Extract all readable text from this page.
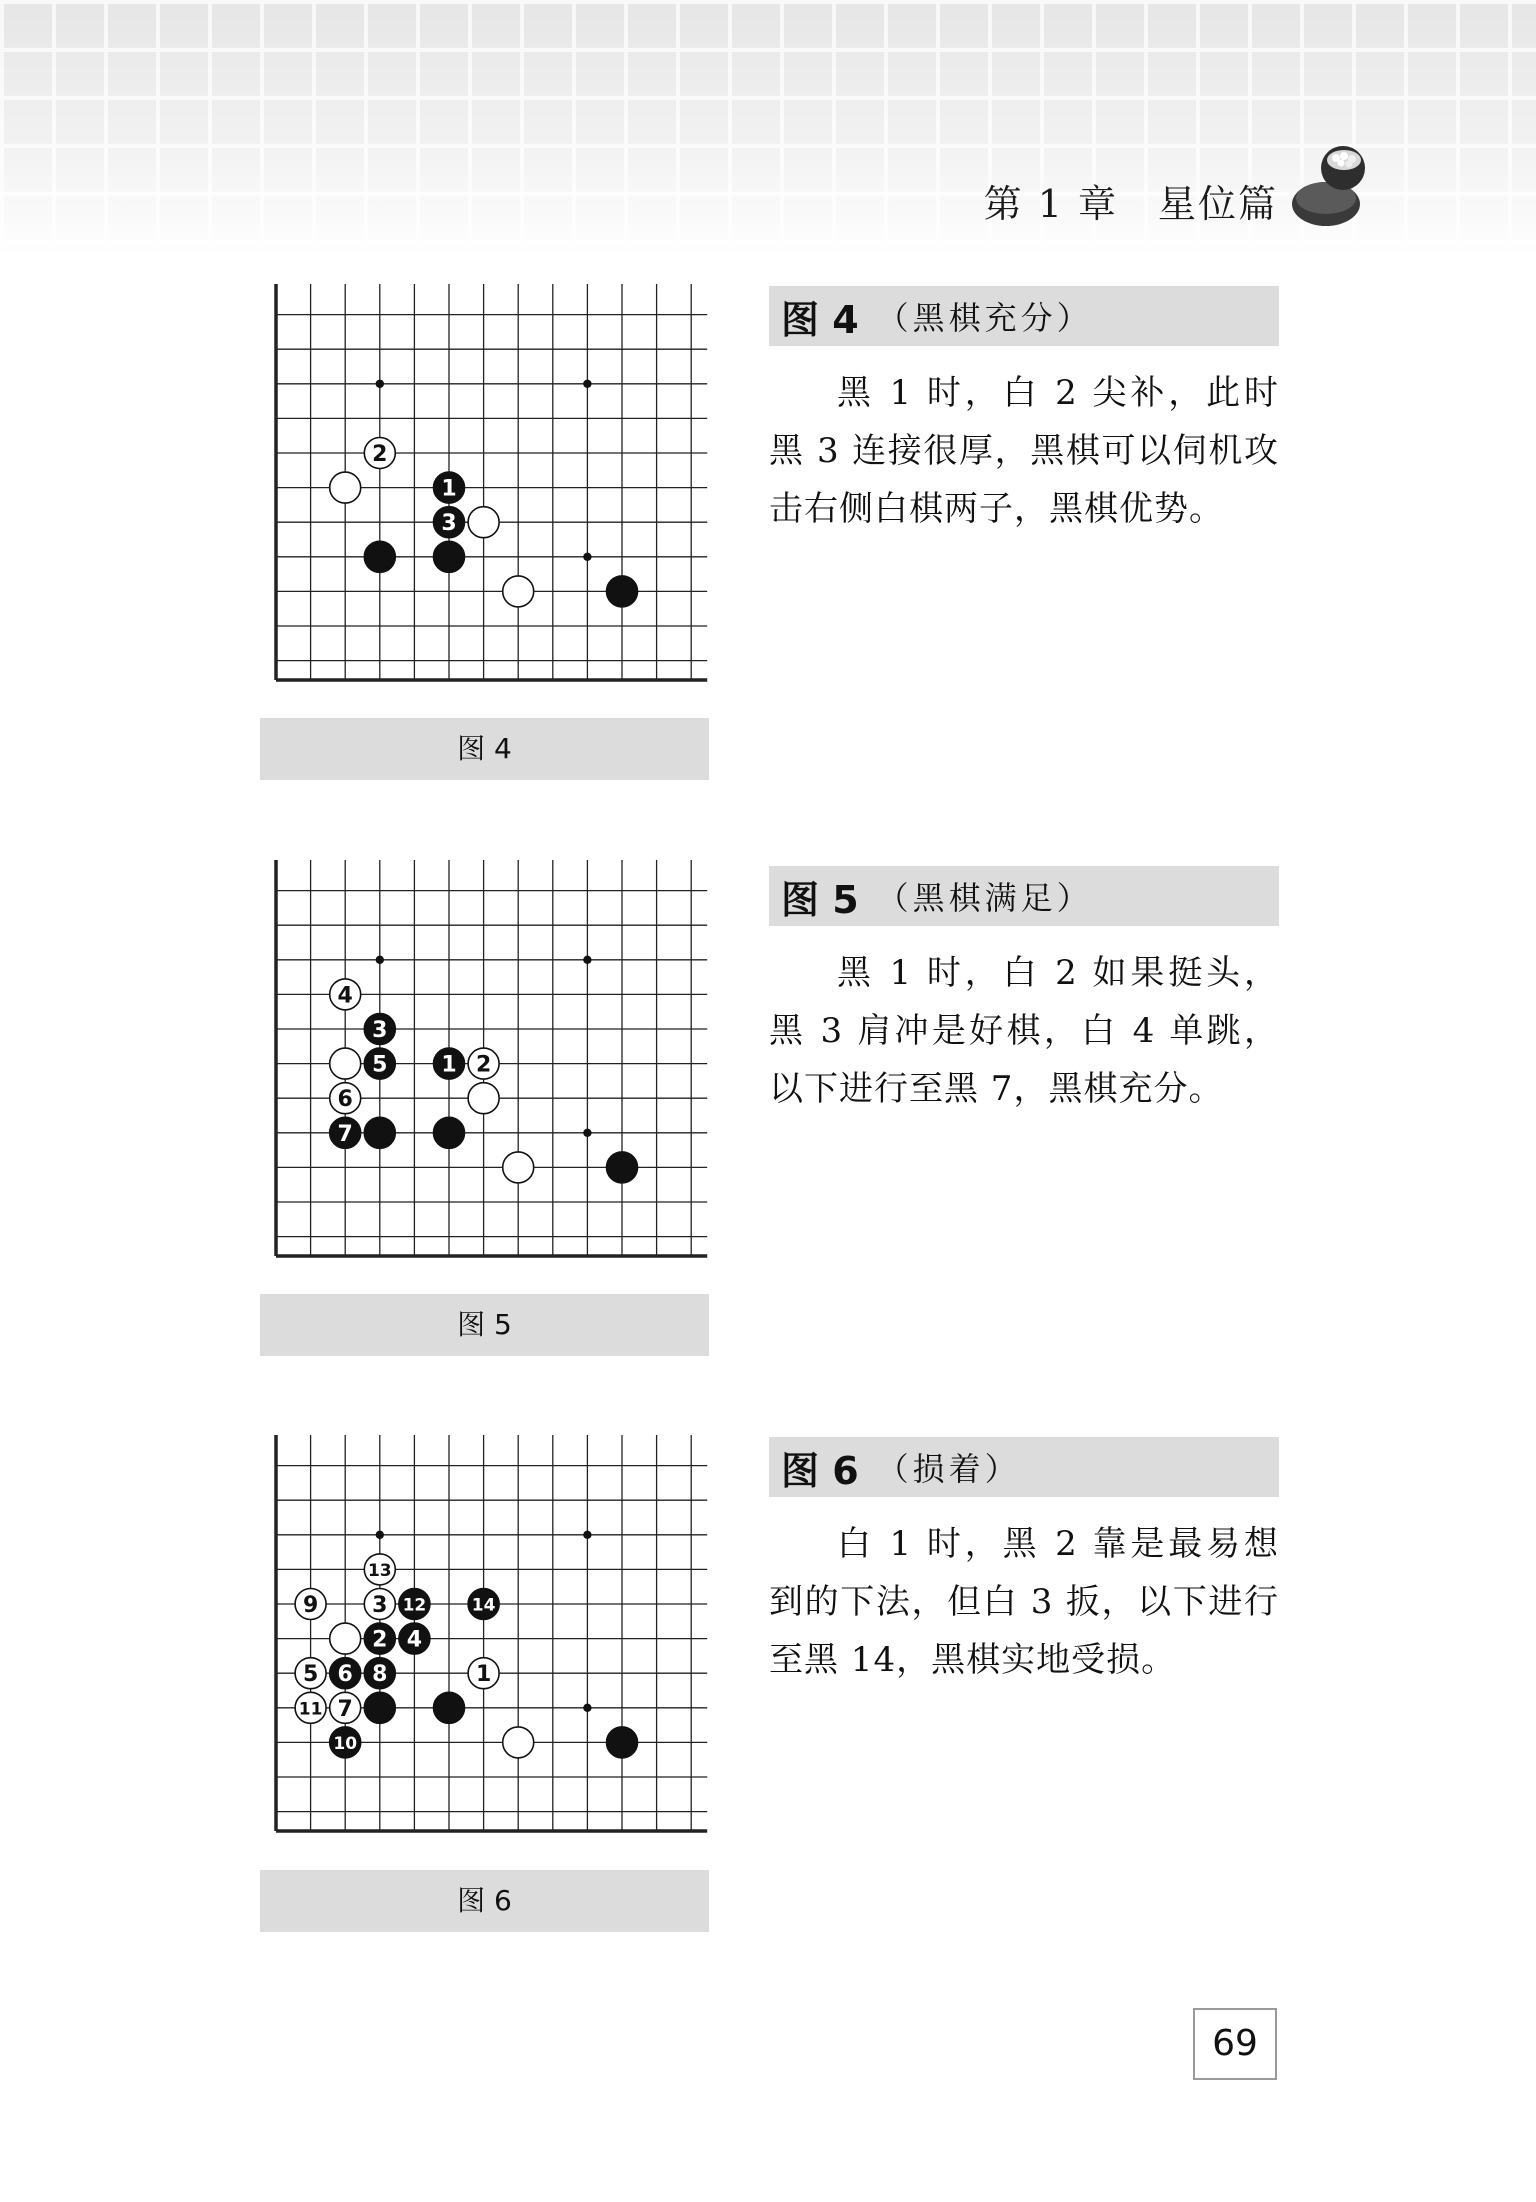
第 1 章　星位篇
2
1
3
图 4
图 4 （黑棋充分）

黑 1 时，白 2 尖补，此时黑 3 连接很厚，黑棋可以伺机攻击右侧白棋两子，黑棋优势。

4
3
5 1 2
6
7
图 5
图 5 （黑棋满足）

黑 1 时，白 2 如果挺头，黑 3 肩冲是好棋，白 4 单跳，以下进行至黑 7，黑棋充分。

13
9 3 12	14
2 4
5 6 8	1
11 7
10
图 6
图 6 （损着）

白 1 时，黑 2 靠是最易想到的下法，但白 3 扳，以下进行至黑 14，黑棋实地受损。

69
